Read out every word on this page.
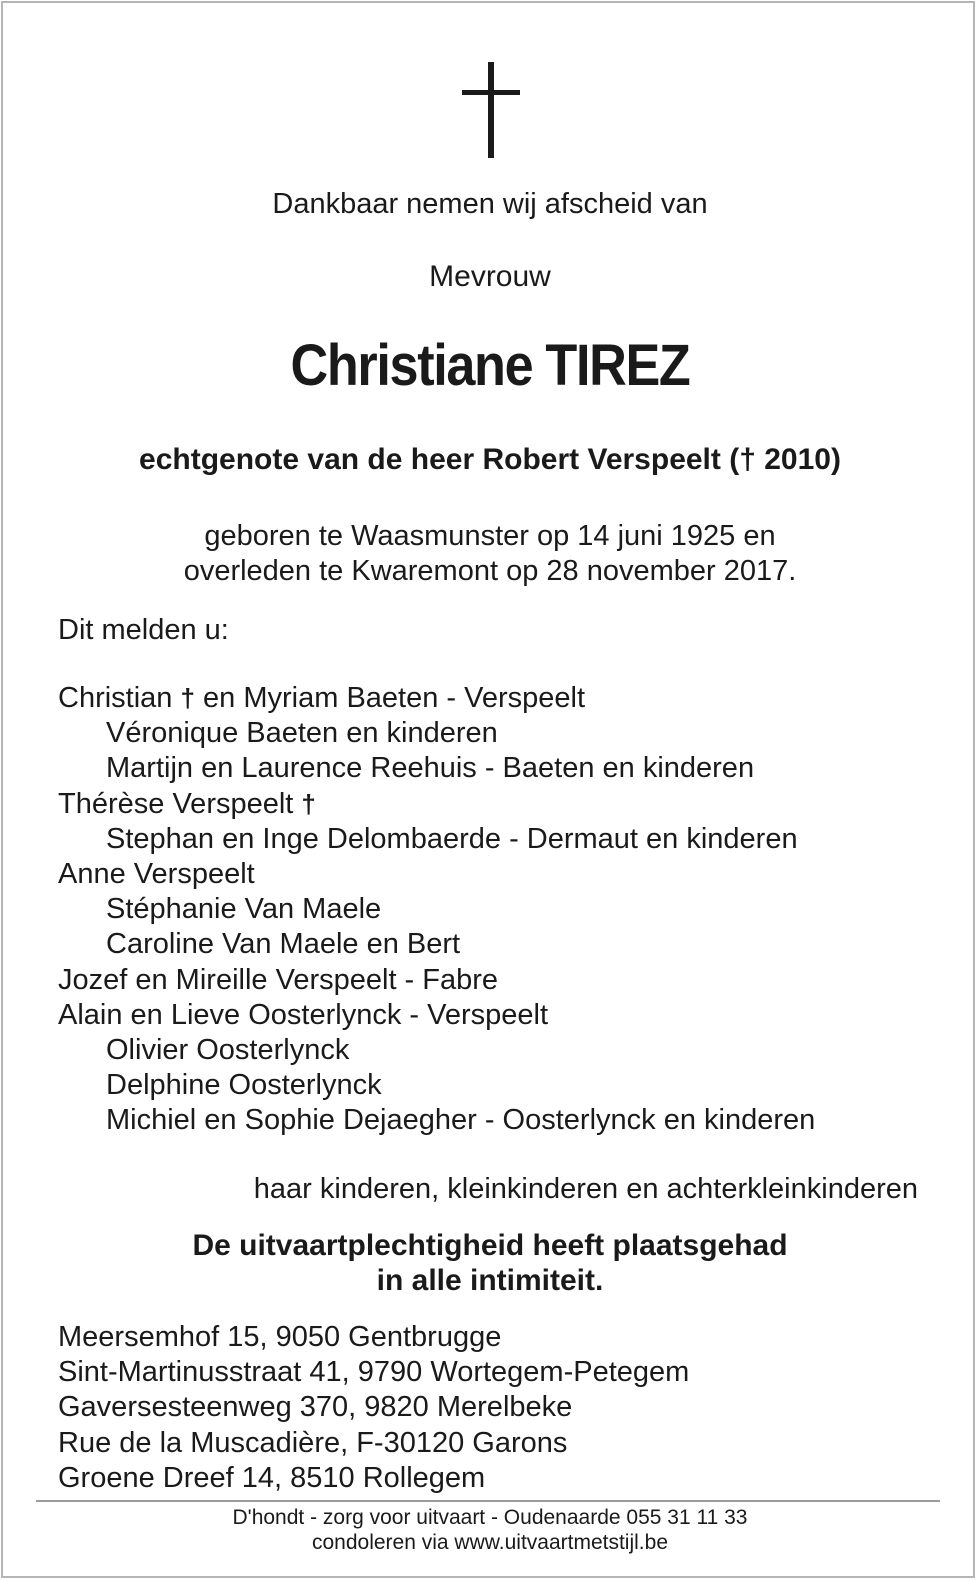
Dankbaar nemen wij afscheid van
Mevrouw
Christiane TIREZ
echtgenote van de heer Robert Verspeelt († 2010)
geboren te Waasmunster op 14 juni 1925 en
overleden te Kwaremont op 28 november 2017.
Dit melden u:
Christian † en Myriam Baeten - Verspeelt
Véronique Baeten en kinderen
Martijn en Laurence Reehuis - Baeten en kinderen
Thérèse Verspeelt †
Stephan en Inge Delombaerde - Dermaut en kinderen
Anne Verspeelt
Stéphanie Van Maele
Caroline Van Maele en Bert
Jozef en Mireille Verspeelt - Fabre
Alain en Lieve Oosterlynck - Verspeelt
Olivier Oosterlynck
Delphine Oosterlynck
Michiel en Sophie Dejaegher - Oosterlynck en kinderen
haar kinderen, kleinkinderen en achterkleinkinderen
De uitvaartplechtigheid heeft plaatsgehad
in alle intimiteit.
Meersemhof 15, 9050 Gentbrugge
Sint-Martinusstraat 41, 9790 Wortegem-Petegem
Gaversesteenweg 370, 9820 Merelbeke
Rue de la Muscadière, F-30120 Garons
Groene Dreef 14, 8510 Rollegem
D'hondt - zorg voor uitvaart - Oudenaarde 055 31 11 33
condoleren via www.uitvaartmetstijl.be
